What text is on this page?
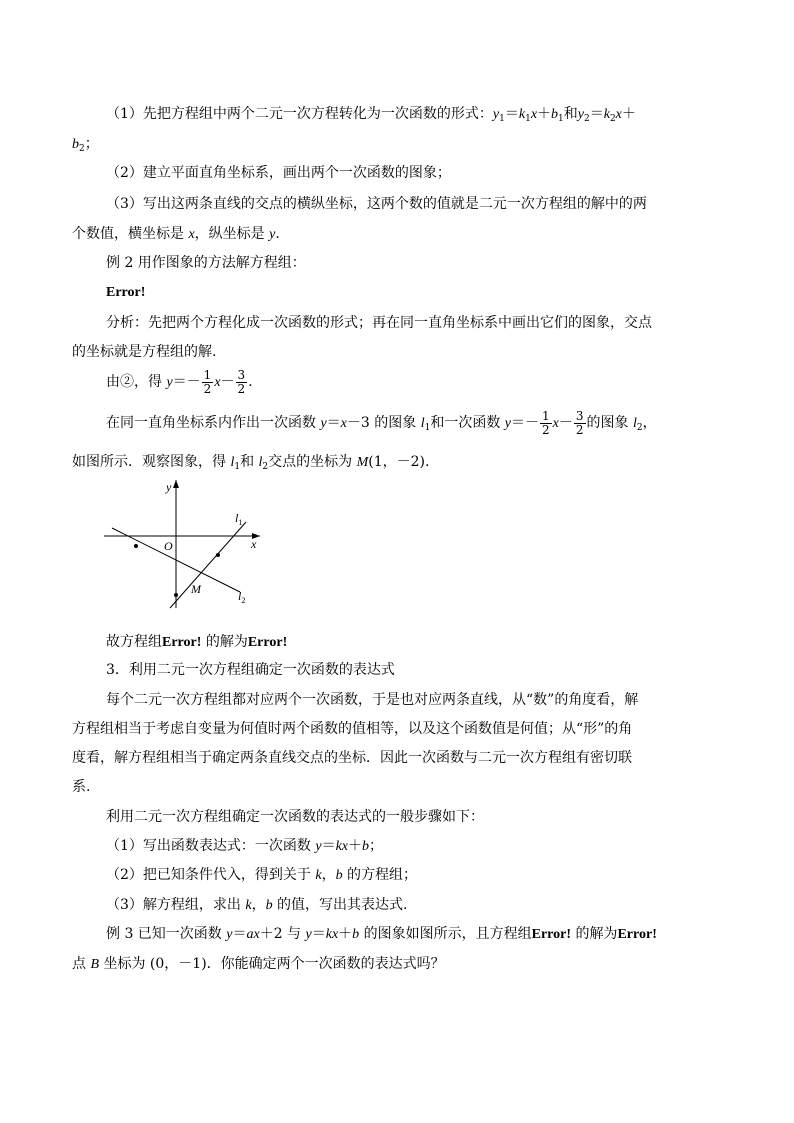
（1）先把方程组中两个二元一次方程转化为一次函数的形式：$y_1=k_1x+b_1$和$y_2=k_2x+$
$b_2$；
（2）建立平面直角坐标系，画出两个一次函数的图象；
（3）写出这两条直线的交点的横纵坐标，这两个数的值就是二元一次方程组的解中的两
个数值，横坐标是 x，纵坐标是 y.
例 2 用作图象的方法解方程组：
Error!
分析：先把两个方程化成一次函数的形式；再在同一直角坐标系中画出它们的图象，交点
的坐标就是方程组的解.
由②，得 $y=- \frac{1}{2} x- \frac{3}{2}$ .
在同一直角坐标系内作出一次函数 y＝x－3 的图象 $l_1$和一次函数 $y=- \frac{1}{2} x- \frac{3}{2}$ 的图象 $l_2$，
如图所示．观察图象，得 $l_1$和 $l_2$交点的坐标为 M(1，－2).
y
x
O
M
$l_1$
$l_2$
故方程组Error! 的解为Error!
3．利用二元一次方程组确定一次函数的表达式
每个二元一次方程组都对应两个一次函数，于是也对应两条直线，从“数”的角度看，解
方程组相当于考虑自变量为何值时两个函数的值相等，以及这个函数值是何值；从“形”的角
度看，解方程组相当于确定两条直线交点的坐标．因此一次函数与二元一次方程组有密切联
系.
利用二元一次方程组确定一次函数的表达式的一般步骤如下：
（1）写出函数表达式：一次函数 y＝kx＋b；
（2）把已知条件代入，得到关于 k，b 的方程组；
（3）解方程组，求出 k，b 的值，写出其表达式.
例 3 已知一次函数 y＝ax＋2 与 y＝kx＋b 的图象如图所示，且方程组Error! 的解为Error!
点 B 坐标为 (0，－1)．你能确定两个一次函数的表达式吗？
